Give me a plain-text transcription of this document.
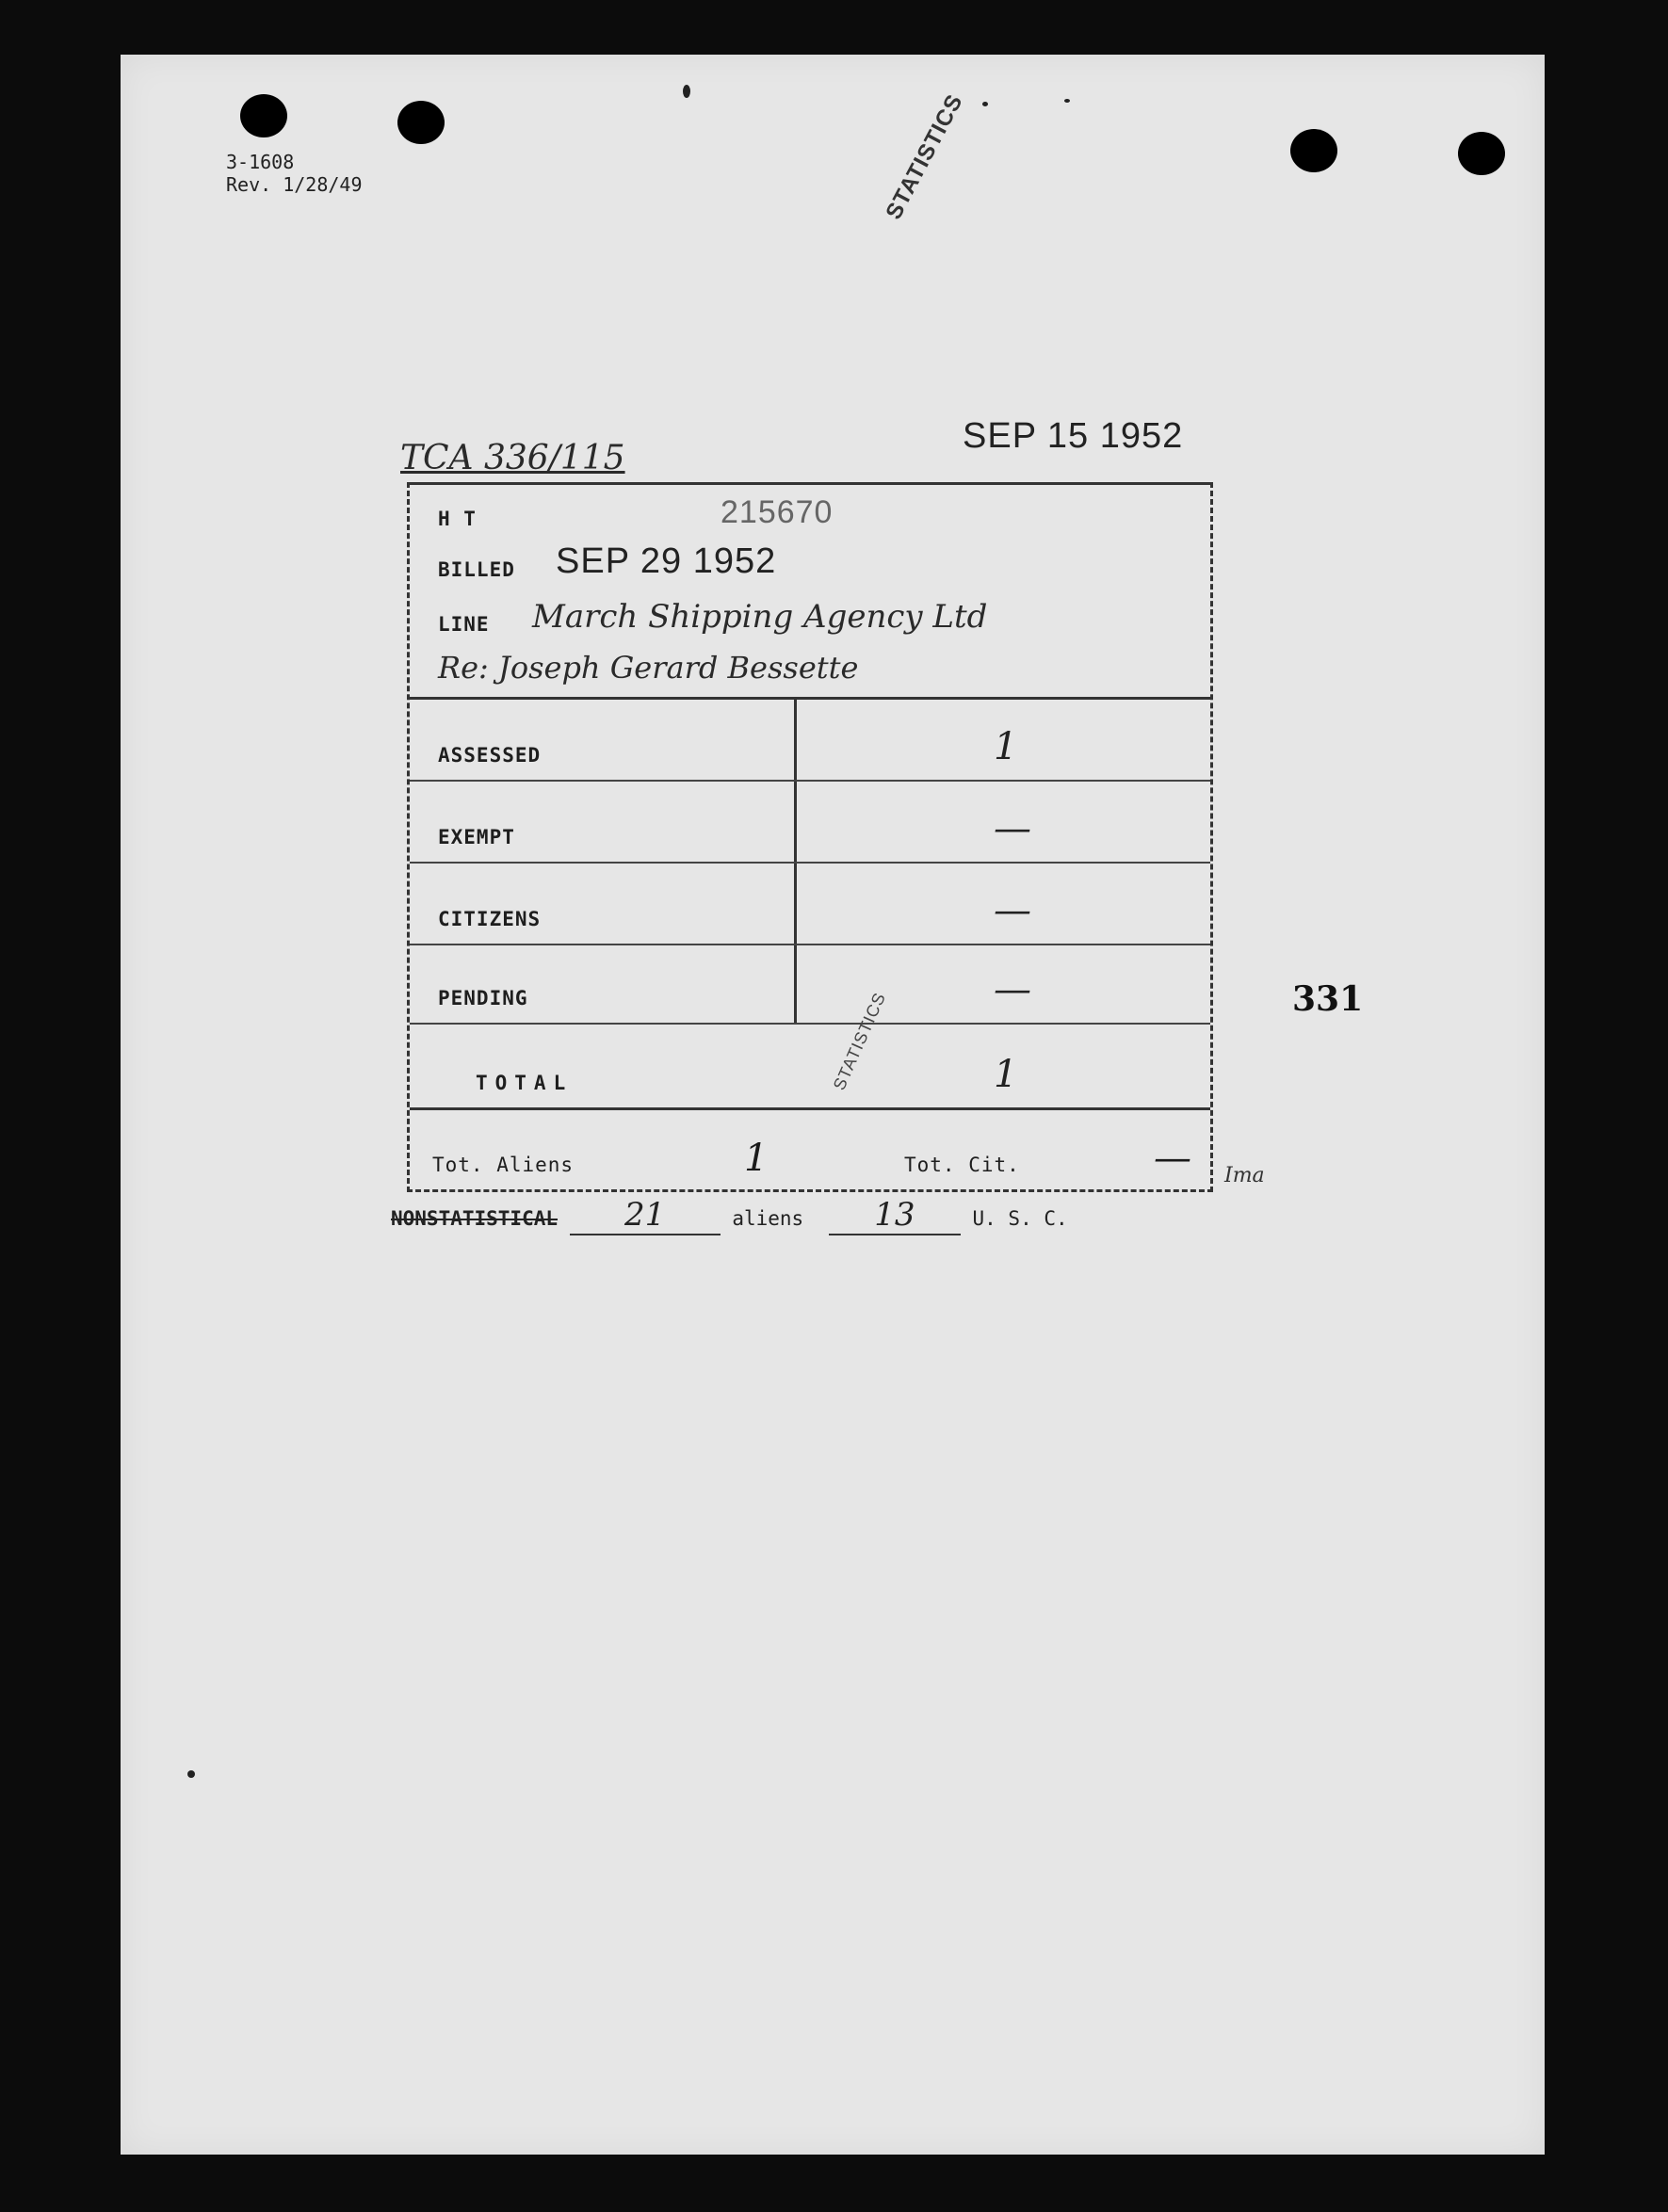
3-1608
Rev. 1/28/49	STATISTICS
SEP 15 1952
TCA 336/115
H T	215670
BILLED SEP 29 1952
LINE March Shipping Agency Ltd
Re: Joseph Gerard Bessette
ASSESSED	1
EXEMPT	—
CITIZENS	—
PENDING	—
TOTAL	1
Tot. Aliens	1	Tot. Cit.	—
STATISTICS
Ima
NONSTATISTICAL 21	aliens 13	U. S. C.
331
